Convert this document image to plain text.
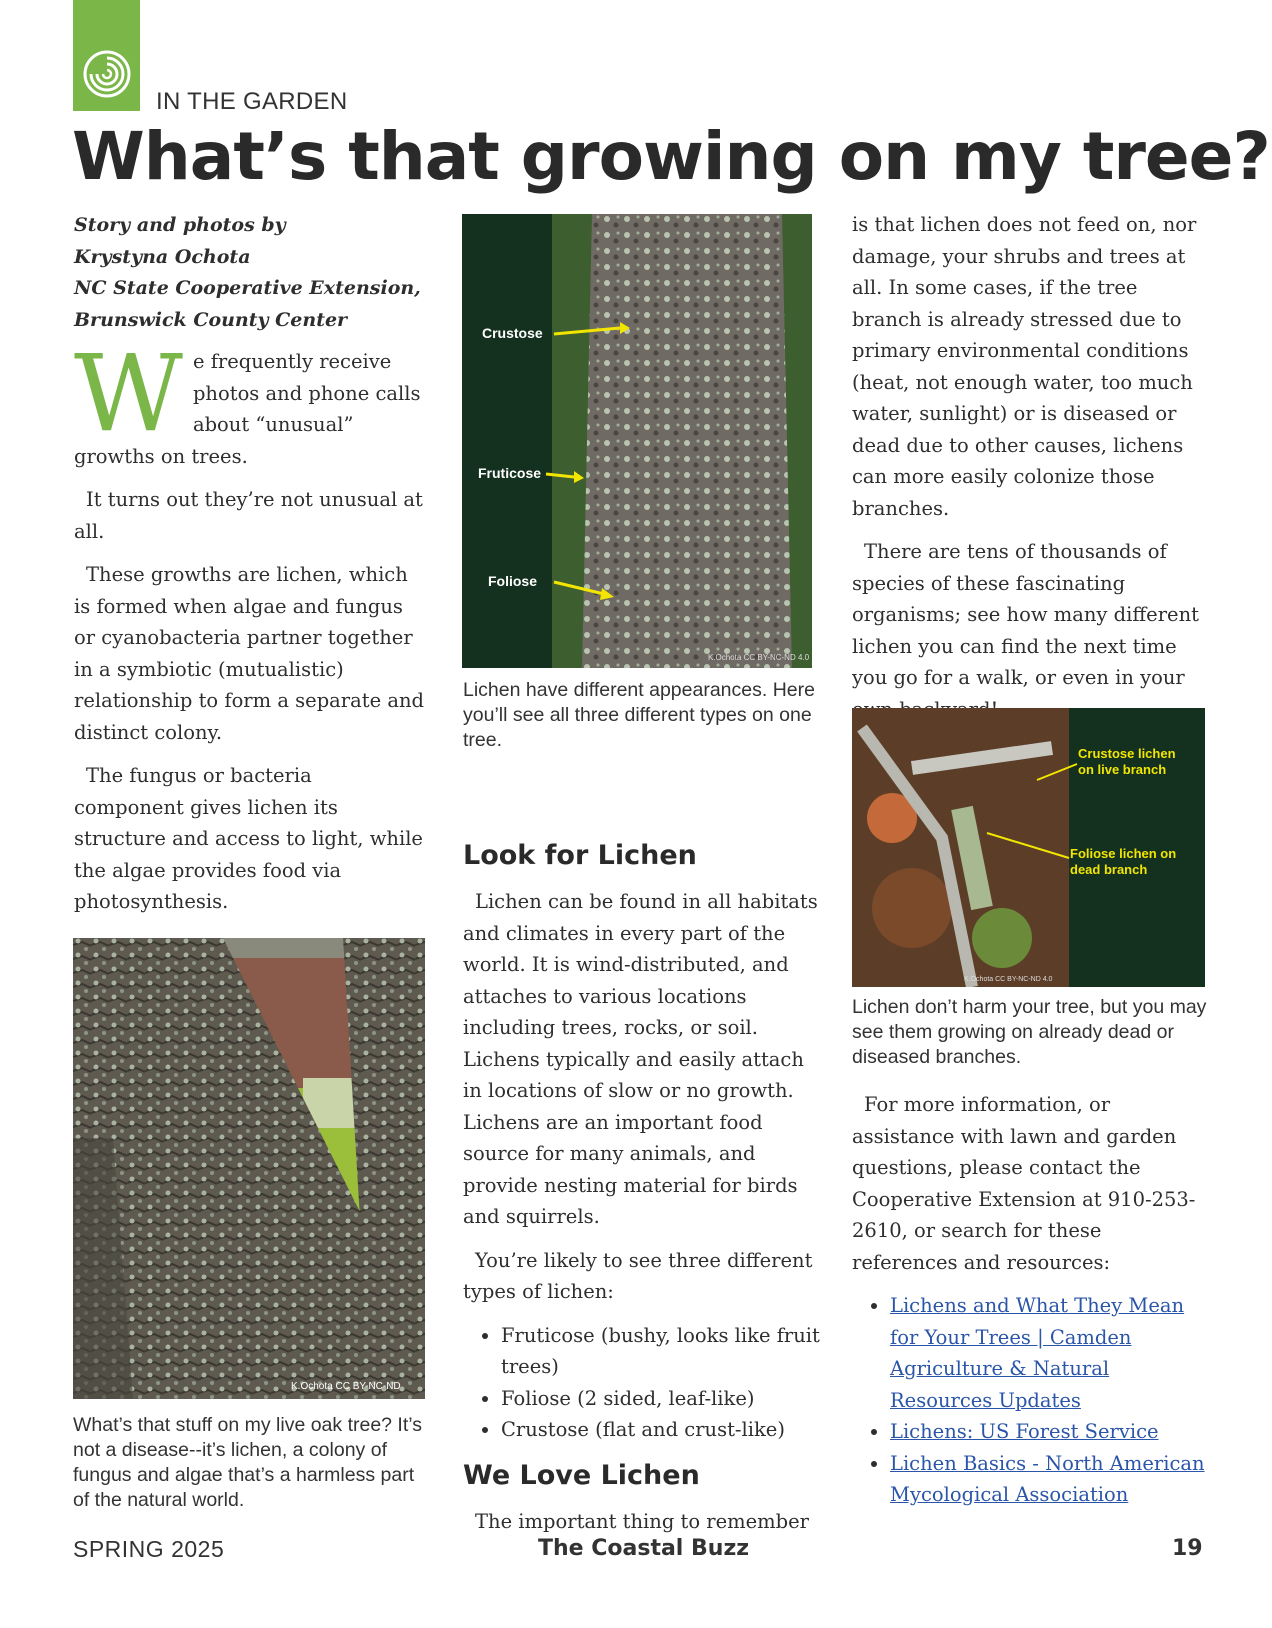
IN THE GARDEN
What’s that growing on my tree?
Story and photos by
Krystyna Ochota
NC State Cooperative Extension,
Brunswick County Center

We frequently receive photos and phone calls about “unusual” growths on trees.

It turns out they’re not unusual at all.

These growths are lichen, which is formed when algae and fungus or cyanobacteria partner together in a symbiotic (mutualistic) relationship to form a separate and distinct colony.

The fungus or bacteria component gives lichen its structure and access to light, while the algae provides food via photosynthesis.

K.Ochota CC BY-NC-ND
What’s that stuff on my live oak tree? It’s not a disease--it’s lichen, a colony of fungus and algae that’s a harmless part of the natural world.
Crustose
Fruticose
Foliose
K.Ochota CC BY-NC-ND 4.0
Lichen have different appearances. Here you’ll see all three different types on one tree.
Look for Lichen

Lichen can be found in all habitats and climates in every part of the world. It is wind-distributed, and attaches to various locations including trees, rocks, or soil. Lichens typically and easily attach in locations of slow or no growth. Lichens are an important food source for many animals, and provide nesting material for birds and squirrels.

You’re likely to see three different types of lichen:

• Fruticose (bushy, looks like fruit trees)
• Foliose (2 sided, leaf-like)
• Crustose (flat and crust-like)
We Love Lichen

The important thing to remember

is that lichen does not feed on, nor damage, your shrubs and trees at all. In some cases, if the tree branch is already stressed due to primary environmental conditions (heat, not enough water, too much water, sunlight) or is diseased or dead due to other causes, lichens can more easily colonize those branches.

There are tens of thousands of species of these fascinating organisms; see how many different lichen you can find the next time you go for a walk, or even in your

Crustose lichen
on live branch
Foliose lichen on
dead branch
K.Ochota CC BY-NC-ND 4.0
Lichen don’t harm your tree, but you may see them growing on already dead or diseased branches.

For more information, or assistance with lawn and garden questions, please contact the Cooperative Extension at 910-253-2610, or search for these references and resources:

• Lichens and What They Mean for Your Trees | Camden Agriculture & Natural Resources Updates
• Lichens: US Forest Service
• Lichen Basics - North American Mycological Association
SPRING 2025	The Coastal Buzz	19
